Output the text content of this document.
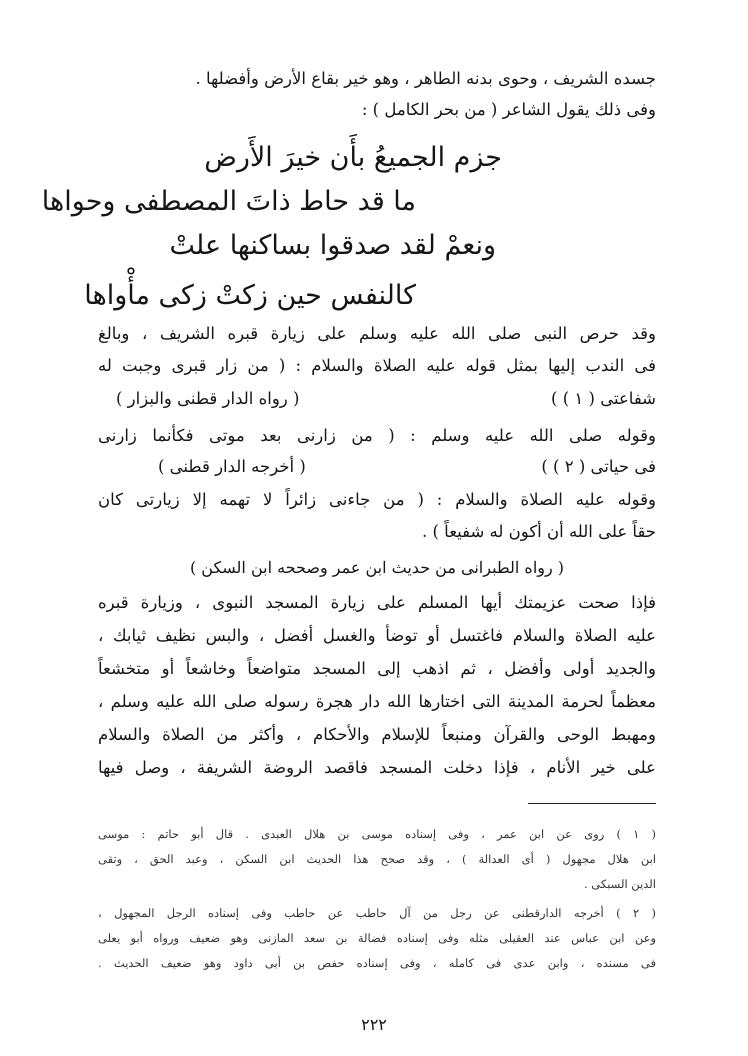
جسده الشريف ، وحوى بدنه الطاهر ، وهو خير بقاع الأرض وأفضلها .

وفى ذلك يقول الشاعر ( من بحر الكامل ) :

جزم الجميعُ بأَن خيرَ الأَرض

ما قد حاط ذاتَ المصطفى وحواها

ونعمْ لقد صدقوا بساكنها علتْ

كالنفس حين زكتْ زكى مأْواها

وقد حرص النبى صلى الله عليه وسلم على زيارة قبره الشريف ، وبالغ

فى الندب إليها بمثل قوله عليه الصلاة والسلام : ( من زار قبرى وجبت له

شفاعتى ( ١ ) )
( رواه الدار قطنى والبزار )

وقوله صلى الله عليه وسلم : ( من زارنى بعد موتى فكأنما زارنى

فى حياتى ( ٢ ) )
( أخرجه الدار قطنى )

وقوله عليه الصلاة والسلام : ( من جاءنى زائراً لا تهمه إلا زيارتى كان

حقاً على الله أن أكون له شفيعاً ) .

( رواه الطبرانى من حديث ابن عمر وصححه ابن السكن )

فإذا صحت عزيمتك أيها المسلم على زيارة المسجد النبوى ، وزيارة قبره

عليه الصلاة والسلام فاغتسل أو توضأ والغسل أفضل ، والبس نظيف ثيابك ،

والجديد أولى وأفضل ، ثم اذهب إلى المسجد متواضعاً وخاشعاً أو متخشعاً

معظماً لحرمة المدينة التى اختارها الله دار هجرة رسوله صلى الله عليه وسلم ،

ومهبط الوحى والقرآن ومنبعاً للإسلام والأحكام ، وأكثر من الصلاة والسلام

على خير الأنام ، فإذا دخلت المسجد فاقصد الروضة الشريفة ، وصل فيها

( ١ ) روى عن ابن عمر ، وفى إسناده موسى بن هلال العبدى . قال أبو حاتم : موسى

ابن هلال مجهول ( أى العدالة ) ، وقد صحح هذا الحديث ابن السكن ، وعبد الحق ، وتقى

الدين السبكى .

( ٢ ) أخرجه الدارقطنى عن رجل من آل حاطب عن حاطب وفى إسناده الرجل المجهول ،

وعن ابن عباس عند العقيلى مثله وفى إسناده فضالة بن سعد المازنى وهو ضعيف ورواه أبو يعلى

فى مسنده ، وابن عدى فى كامله ، وفى إسناده حفص بن أبى داود وهو ضعيف الحديث .

٢٢٢
